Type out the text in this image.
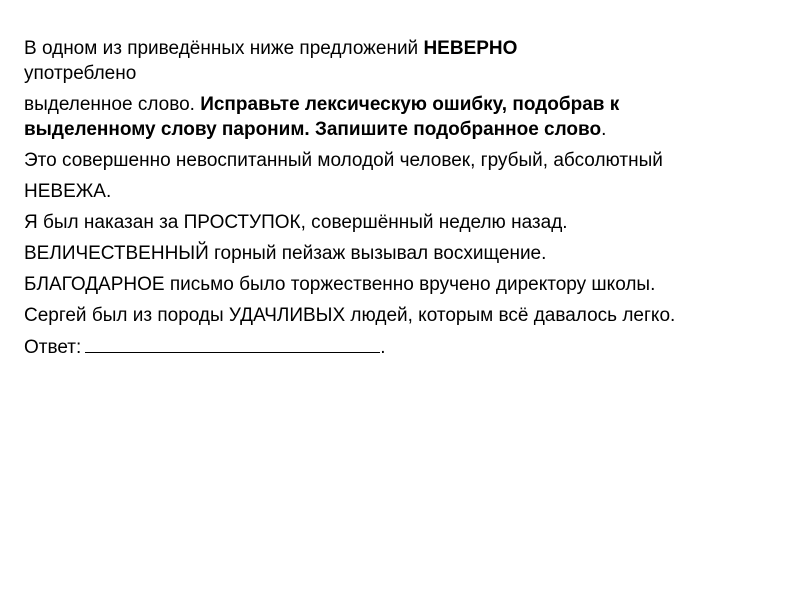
В одном из приведённых ниже предложений НЕВЕРНО
употреблено

выделенное слово. Исправьте лексическую ошибку, подобрав к выделенному слову пароним. Запишите подобранное слово.

Это совершенно невоспитанный молодой человек, грубый, абсолютный

НЕВЕЖА.

Я был наказан за ПРОСТУПОК, совершённый неделю назад.

ВЕЛИЧЕСТВЕННЫЙ горный пейзаж вызывал восхищение.

БЛАГОДАРНОЕ письмо было торжественно вручено директору школы.

Сергей был из породы УДАЧЛИВЫХ людей, которым всё давалось легко.

Ответ:	.
